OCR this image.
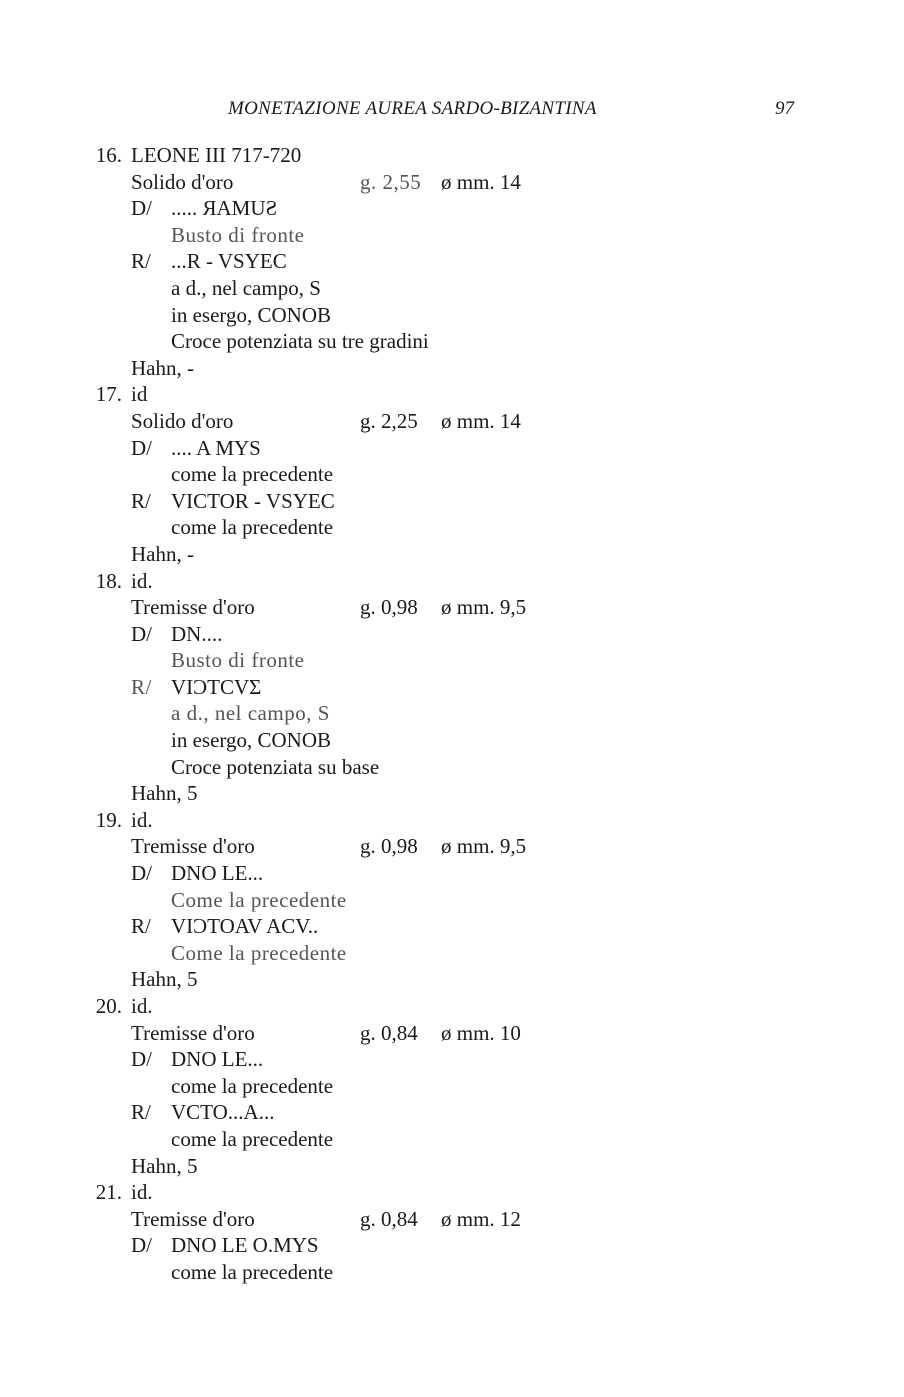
MONETAZIONE AUREA SARDO-BIZANTINA	97
16. LEONE III 717-720
Solido d'oro	g. 2,55 ø mm. 14
D/ ..... ЯAMUƧ
Busto di fronte
R/ ...R - VSYEC
a d., nel campo, S
in esergo, CONOB
Croce potenziata su tre gradini
Hahn, -
17. id
Solido d'oro	g. 2,25 ø mm. 14
D/ .... A MYS
come la precedente
R/ VICTOR - VSYEC
come la precedente
Hahn, -
18. id.
Tremisse d'oro	g. 0,98 ø mm. 9,5
D/ DN....
Busto di fronte
R/ VIϽTCVΣ
a d., nel campo, S
in esergo, CONOB
Croce potenziata su base
Hahn, 5
19. id.
Tremisse d'oro	g. 0,98 ø mm. 9,5
D/ DNO LE...
Come la precedente
R/ VIϽTOAV ACV..
Come la precedente
Hahn, 5
20. id.
Tremisse d'oro	g. 0,84 ø mm. 10
D/ DNO LE...
come la precedente
R/ VCTO...A...
come la precedente
Hahn, 5
21. id.
Tremisse d'oro	g. 0,84 ø mm. 12
D/ DNO LE O.MYS
come la precedente
